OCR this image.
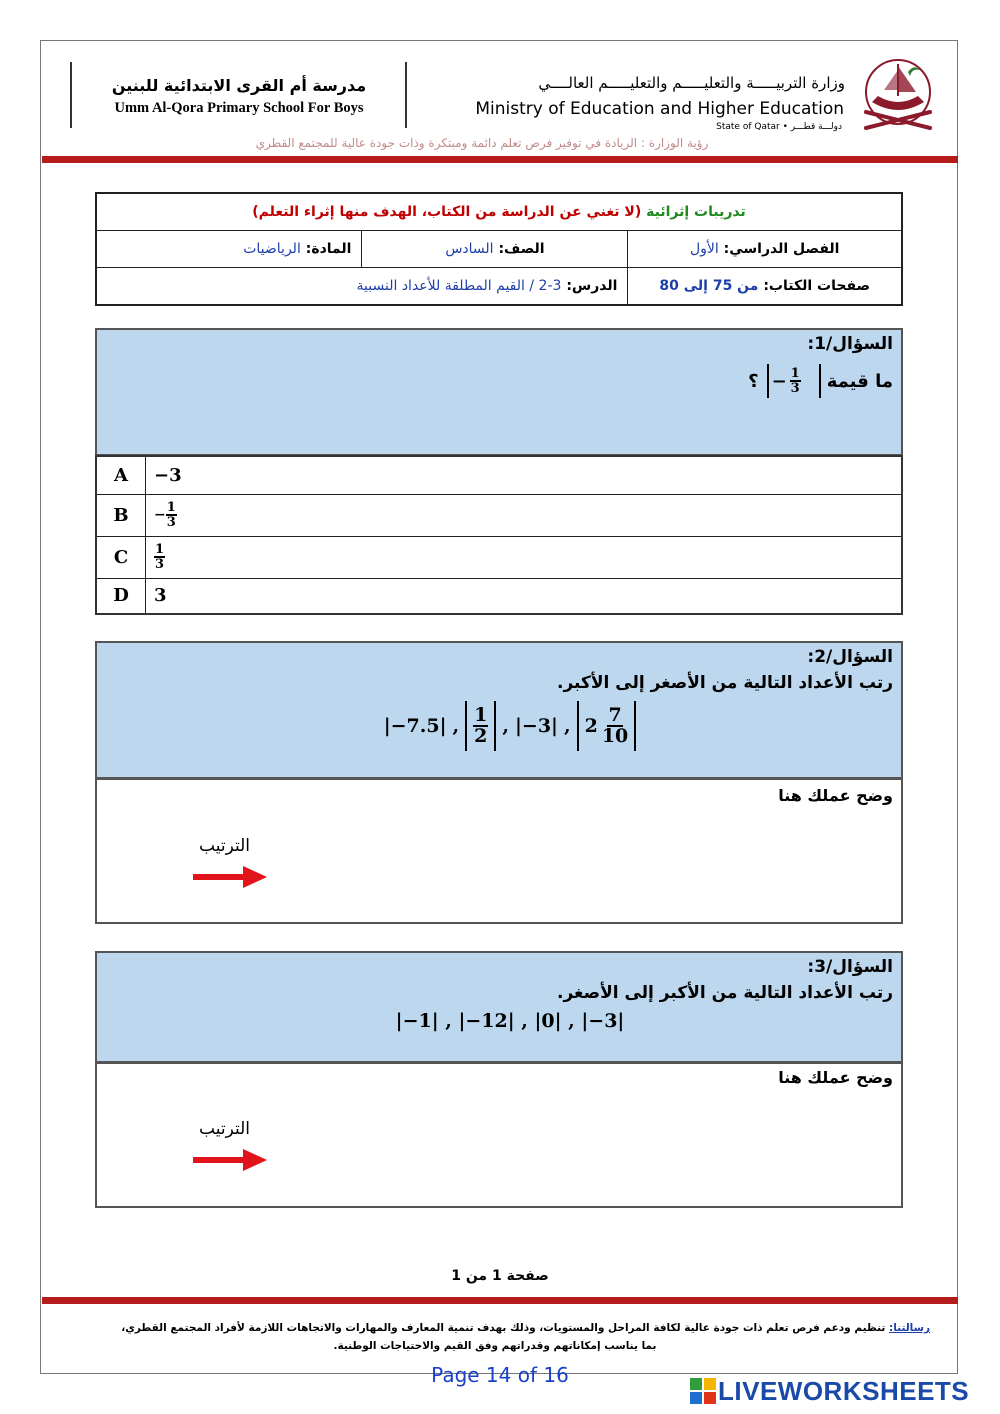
مدرسة أم القرى الابتدائية للبنين
Umm Al-Qora Primary School For Boys
وزارة التربيـــــة والتعليـــــم والتعليـــــم العالــــي
Ministry of Education and Higher Education
State of Qatar • دولـــة قطـــر
رؤية الوزارة : الريادة في توفير فرص تعلم دائمة ومبتكرة وذات جودة عالية للمجتمع القطري
تدريبات إثرائية (لا تغني عن الدراسة من الكتاب، الهدف منها إثراء التعلم)		
المادة: الرياضيات	الصف: السادس	الفصل الدراسي: الأول
الدرس: 3-2 / القيم المطلقة للأعداد النسبية		صفحات الكتاب: من 75 إلى 80
السؤال/1:
؟ − $\frac{1}{3}$ ما قيمة
A	−3
B	− $\frac{1}{3}$

C	$\frac{1}{3}$

D	3
السؤال/2:
رتب الأعداد التالية من الأصغر إلى الأكبر.
|−7.5| , $\frac{1}{2}$ , |−3| , $2 \frac{7}{10}$
وضح عملك هنا
الترتيب
السؤال/3:
رتب الأعداد التالية من الأكبر إلى الأصغر.
|−1| , |−12| , |0| , |−3|
وضح عملك هنا
الترتيب
صفحة 1 من 1
رسالتنا: تنظيم ودعم فرص تعلم ذات جودة عالية لكافة المراحل والمستويات، وذلك بهدف تنمية المعارف والمهارات والاتجاهات اللازمة لأفراد المجتمع القطري،
بما يناسب إمكاناتهم وقدراتهم وفق القيم والاحتياجات الوطنية.
Page 14 of 16
LIVEWORKSHEETS
